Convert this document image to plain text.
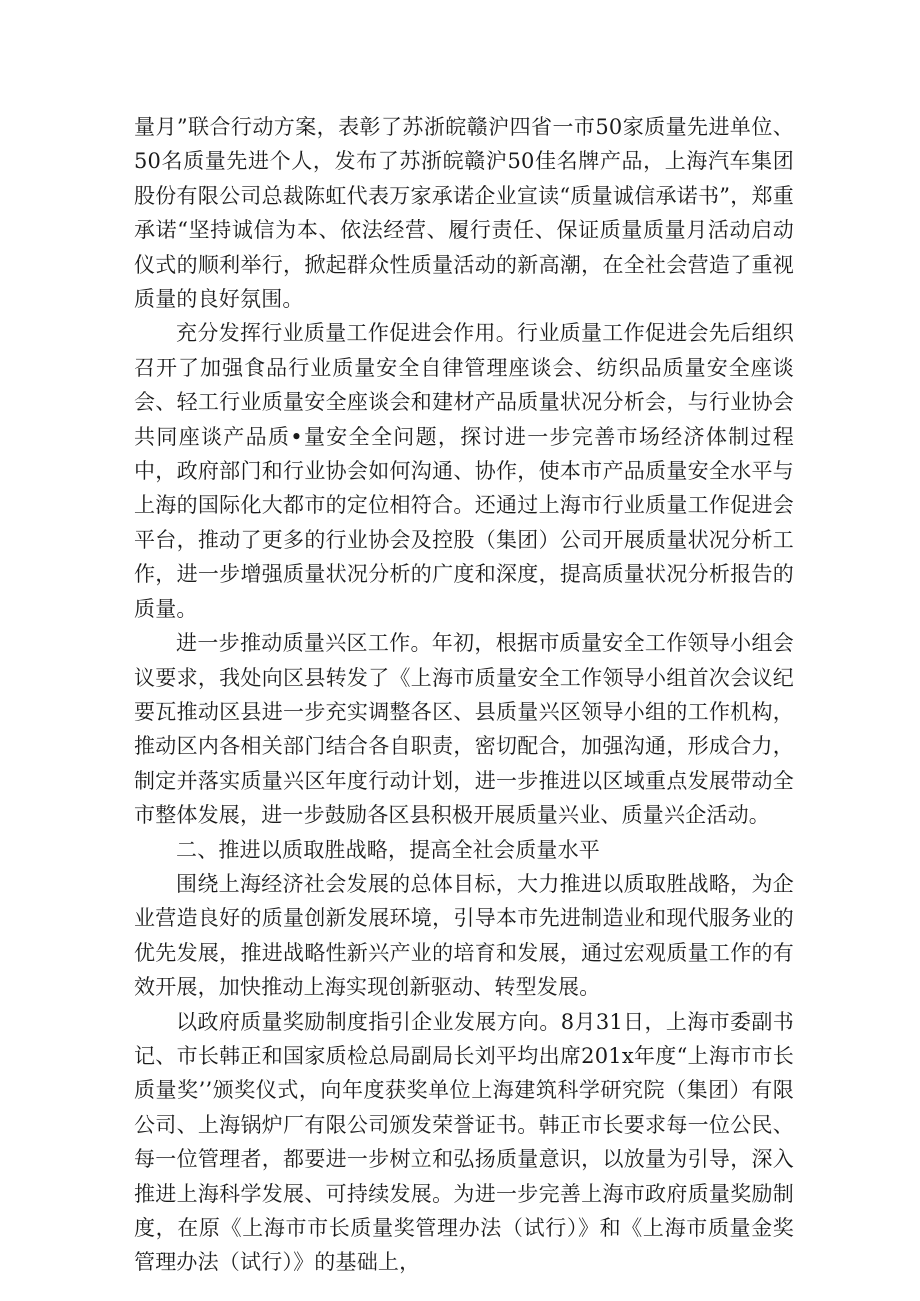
量月”联合行动方案，表彰了苏浙皖赣沪四省一市50家质量先进单位、50名质量先进个人，发布了苏浙皖赣沪50佳名牌产品，上海汽车集团股份有限公司总裁陈虹代表万家承诺企业宣读“质量诚信承诺书”，郑重承诺“坚持诚信为本、依法经营、履行责任、保证质量质量月活动启动仪式的顺利举行，掀起群众性质量活动的新高潮，在全社会营造了重视质量的良好氛围。

充分发挥行业质量工作促进会作用。行业质量工作促进会先后组织召开了加强食品行业质量安全自律管理座谈会、纺织品质量安全座谈会、轻工行业质量安全座谈会和建材产品质量状况分析会，与行业协会共同座谈产品质•量安全全问题，探讨进一步完善市场经济体制过程中，政府部门和行业协会如何沟通、协作，使本市产品质量安全水平与上海的国际化大都市的定位相符合。还通过上海市行业质量工作促进会平台，推动了更多的行业协会及控股（集团）公司开展质量状况分析工作，进一步增强质量状况分析的广度和深度，提高质量状况分析报告的质量。

进一步推动质量兴区工作。年初，根据市质量安全工作领导小组会议要求，我处向区县转发了《上海市质量安全工作领导小组首次会议纪要瓦推动区县进一步充实调整各区、县质量兴区领导小组的工作机构，推动区内各相关部门结合各自职责，密切配合，加强沟通，形成合力，制定并落实质量兴区年度行动计划，进一步推进以区域重点发展带动全市整体发展，进一步鼓励各区县积极开展质量兴业、质量兴企活动。

二、推进以质取胜战略，提高全社会质量水平

围绕上海经济社会发展的总体目标，大力推进以质取胜战略，为企业营造良好的质量创新发展环境，引导本市先进制造业和现代服务业的优先发展，推进战略性新兴产业的培育和发展，通过宏观质量工作的有效开展，加快推动上海实现创新驱动、转型发展。

以政府质量奖励制度指引企业发展方向。8月31日，上海市委副书记、市长韩正和国家质检总局副局长刘平均出席201x年度“上海市市长质量奖’’颁奖仪式，向年度获奖单位上海建筑科学研究院（集团）有限公司、上海锅炉厂有限公司颁发荣誉证书。韩正市长要求每一位公民、每一位管理者，都要进一步树立和弘扬质量意识，以放量为引导，深入推进上海科学发展、可持续发展。为进一步完善上海市政府质量奖励制度，在原《上海市市长质量奖管理办法（试行）》和《上海市质量金奖管理办法（试行）》的基础上，
